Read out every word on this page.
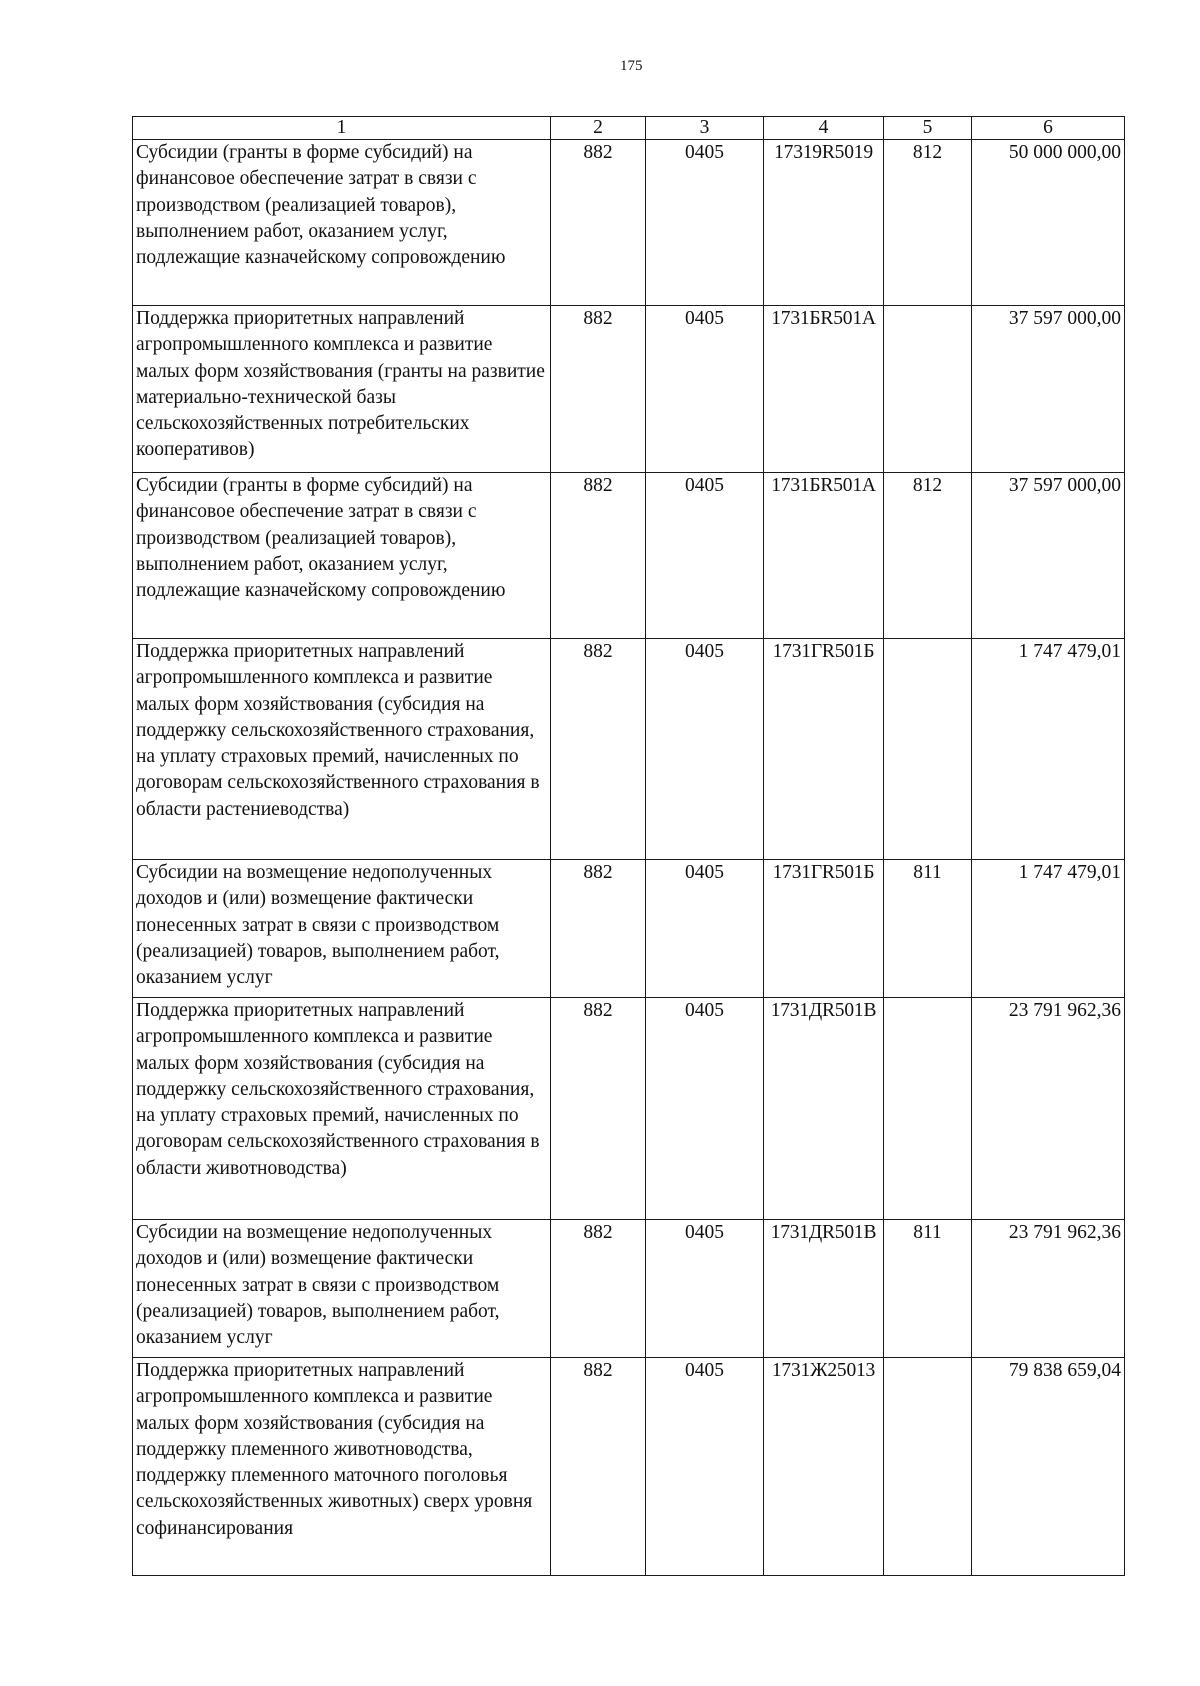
175
1	2	3	4	5	6
Субсидии (гранты в форме субсидий) на финансовое обеспечение затрат в связи с производством (реализацией товаров), выполнением работ, оказанием услуг, подлежащие казначейскому сопровождению	882	0405	17319R5019	812	50 000 000,00
Поддержка приоритетных направлений агропромышленного комплекса и развитие малых форм хозяйствования (гранты на развитие материально-технической базы сельскохозяйственных потребительских кооперативов)	882	0405	1731БR501А		37 597 000,00
Субсидии (гранты в форме субсидий) на финансовое обеспечение затрат в связи с производством (реализацией товаров), выполнением работ, оказанием услуг, подлежащие казначейскому сопровождению	882	0405	1731БR501А	812	37 597 000,00
Поддержка приоритетных направлений агропромышленного комплекса и развитие малых форм хозяйствования (субсидия на поддержку сельскохозяйственного страхования, на уплату страховых премий, начисленных по договорам сельскохозяйственного страхования в области растениеводства)	882	0405	1731ГR501Б		1 747 479,01
Субсидии на возмещение недополученных доходов и (или) возмещение фактически понесенных затрат в связи с производством (реализацией) товаров, выполнением работ, оказанием услуг	882	0405	1731ГR501Б	811	1 747 479,01
Поддержка приоритетных направлений агропромышленного комплекса и развитие малых форм хозяйствования (субсидия на поддержку сельскохозяйственного страхования, на уплату страховых премий, начисленных по договорам сельскохозяйственного страхования в области животноводства)	882	0405	1731ДR501В		23 791 962,36
Субсидии на возмещение недополученных доходов и (или) возмещение фактически понесенных затрат в связи с производством (реализацией) товаров, выполнением работ, оказанием услуг	882	0405	1731ДR501В	811	23 791 962,36
Поддержка приоритетных направлений агропромышленного комплекса и развитие малых форм хозяйствования (субсидия на поддержку племенного животноводства, поддержку племенного маточного поголовья сельскохозяйственных животных) сверх уровня софинансирования	882	0405	1731Ж25013		79 838 659,04
